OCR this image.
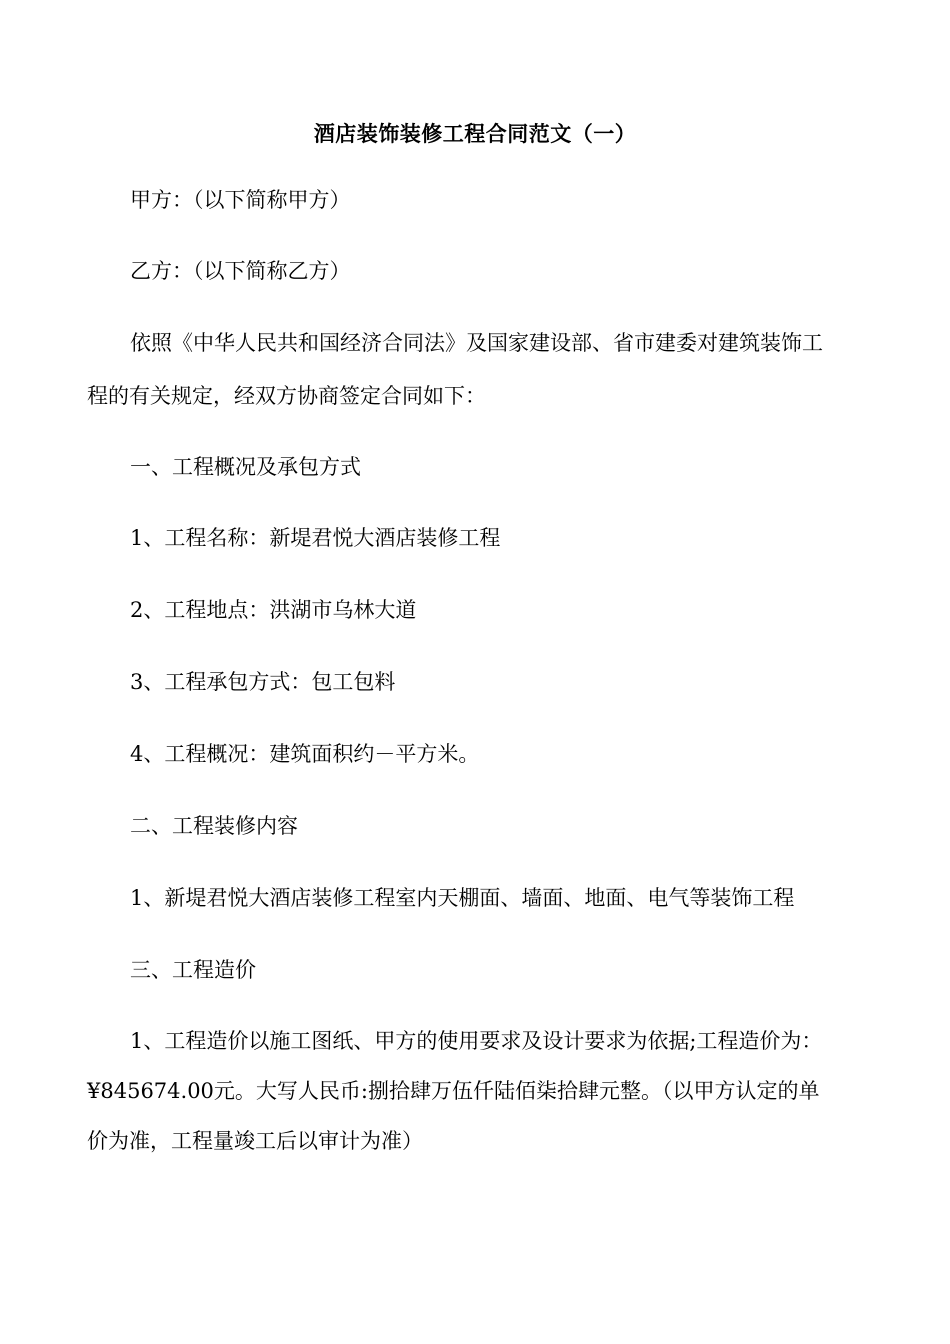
酒店装饰装修工程合同范文（一）
甲方：（以下简称甲方）
乙方：（以下简称乙方）
依照《中华人民共和国经济合同法》及国家建设部、省市建委对建筑装饰工
程的有关规定，经双方协商签定合同如下：
一、工程概况及承包方式
1、工程名称：新堤君悦大酒店装修工程
2、工程地点：洪湖市乌林大道
3、工程承包方式：包工包料
4、工程概况：建筑面积约－平方米。
二、工程装修内容
1、新堤君悦大酒店装修工程室内天棚面、墙面、地面、电气等装饰工程
三、工程造价
1、工程造价以施工图纸、甲方的使用要求及设计要求为依据;工程造价为：
¥845674.00元。大写人民币:捌拾肆万伍仟陆佰柒拾肆元整。（以甲方认定的单
价为准，工程量竣工后以审计为准）
